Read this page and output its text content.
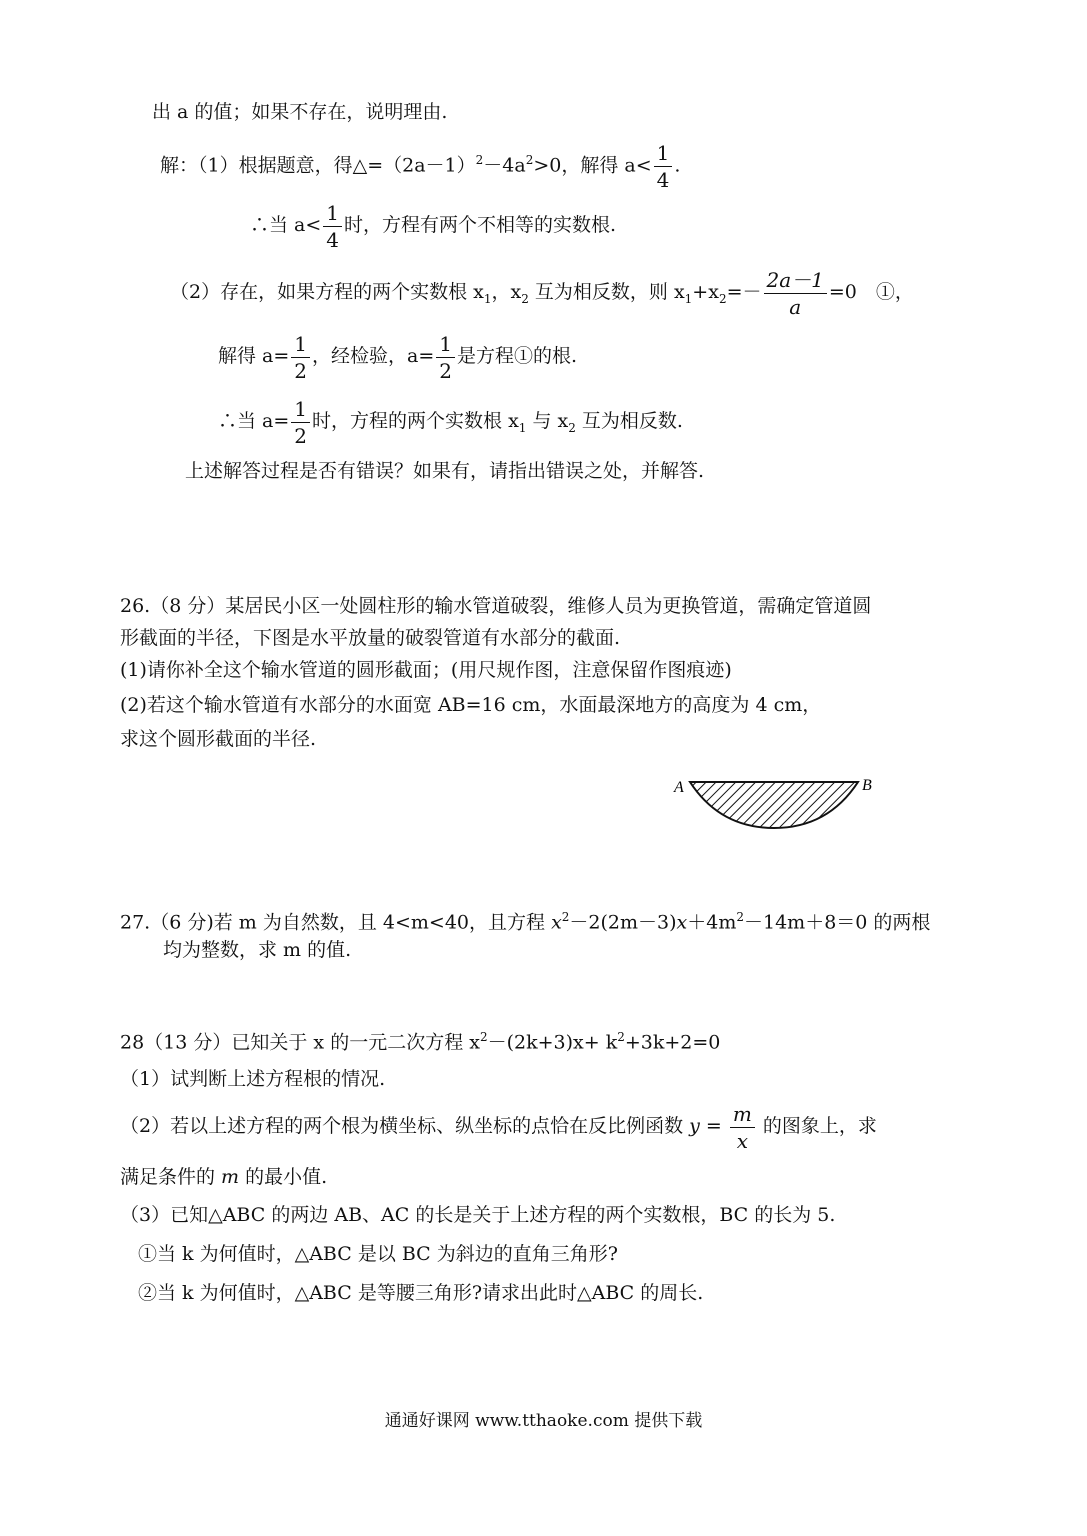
出 a 的值；如果不存在，说明理由.
解：（1）根据题意，得$\triangle=(2a-1)^2-4a^2>0$，解得 $a< \frac{1}{4}$ .
∴当 $a< \frac{1}{4}$ 时，方程有两个不相等的实数根.
（2）存在，如果方程的两个实数根 $x_1$，$x_2$ 互为相反数，则 $x_1+x_2=- \frac{2a-1}{a} =0$　①，
解得 $a= \frac{1}{2}$ ，经检验，$a= \frac{1}{2}$ 是方程①的根.
∴当 $a= \frac{1}{2}$ 时，方程的两个实数根 $x_1$ 与 $x_2$ 互为相反数.
上述解答过程是否有错误？如果有，请指出错误之处，并解答.
26.（8 分）某居民小区一处圆柱形的输水管道破裂，维修人员为更换管道，需确定管道圆
形截面的半径，下图是水平放量的破裂管道有水部分的截面.
(1)请你补全这个输水管道的圆形截面；(用尺规作图，注意保留作图痕迹)
(2)若这个输水管道有水部分的水面宽 AB=16 cm，水面最深地方的高度为 4 cm，
求这个圆形截面的半径.
A	B
27.（6 分)若 m 为自然数，且 4<m<40，且方程 $x^2-2(2m-3)x+4m^2-14m+8=0$ 的两根
均为整数，求 m 的值.
28（13 分）已知关于 x 的一元二次方程 $x^2-(2k+3)x+ k^2+3k+2=0$
（1）试判断上述方程根的情况.
（2）若以上述方程的两个根为横坐标、纵坐标的点恰在反比例函数 $y = \frac{m}{x}$ 的图象上，求
满足条件的 m 的最小值.
（3）已知△ABC 的两边 AB、AC 的长是关于上述方程的两个实数根，BC 的长为 5.
①当 k 为何值时，△ABC 是以 BC 为斜边的直角三角形?
②当 k 为何值时，△ABC 是等腰三角形?请求出此时△ABC 的周长.
通通好课网 www.tthaoke.com 提供下载
